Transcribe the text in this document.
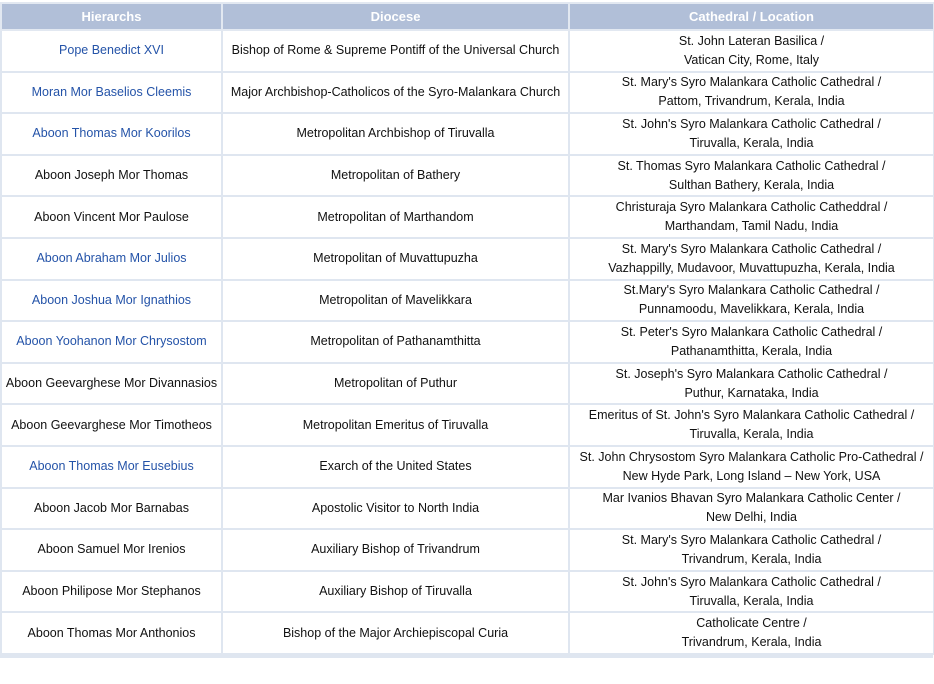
Hierarchs	Diocese	Cathedral / Location
Pope Benedict XVI	Bishop of Rome & Supreme Pontiff of the Universal Church	St. John Lateran Basilica /
Vatican City, Rome, Italy

Moran Mor Baselios Cleemis	Major Archbishop-Catholicos of the Syro-Malankara Church	St. Mary's Syro Malankara Catholic Cathedral /
Pattom, Trivandrum, Kerala, India

Aboon Thomas Mor Koorilos	Metropolitan Archbishop of Tiruvalla	St. John's Syro Malankara Catholic Cathedral /
Tiruvalla, Kerala, India

Aboon Joseph Mor Thomas	Metropolitan of Bathery	St. Thomas Syro Malankara Catholic Cathedral /
Sulthan Bathery, Kerala, India

Aboon Vincent Mor Paulose	Metropolitan of Marthandom	Christuraja Syro Malankara Catholic Catheddral /
Marthandam, Tamil Nadu, India

Aboon Abraham Mor Julios	Metropolitan of Muvattupuzha	St. Mary's Syro Malankara Catholic Cathedral /
Vazhappilly, Mudavoor, Muvattupuzha, Kerala, India

Aboon Joshua Mor Ignathios	Metropolitan of Mavelikkara	St.Mary's Syro Malankara Catholic Cathedral /
Punnamoodu, Mavelikkara, Kerala, India

Aboon Yoohanon Mor Chrysostom	Metropolitan of Pathanamthitta	St. Peter's Syro Malankara Catholic Cathedral /
Pathanamthitta, Kerala, India

Aboon Geevarghese Mor Divannasios	Metropolitan of Puthur	St. Joseph's Syro Malankara Catholic Cathedral /
Puthur, Karnataka, India

Aboon Geevarghese Mor Timotheos	Metropolitan Emeritus of Tiruvalla	Emeritus of St. John's Syro Malankara Catholic Cathedral /
Tiruvalla, Kerala, India

Aboon Thomas Mor Eusebius	Exarch of the United States	St. John Chrysostom Syro Malankara Catholic Pro-Cathedral /
New Hyde Park, Long Island – New York, USA

Aboon Jacob Mor Barnabas	Apostolic Visitor to North India	Mar Ivanios Bhavan Syro Malankara Catholic Center /
New Delhi, India

Aboon Samuel Mor Irenios	Auxiliary Bishop of Trivandrum	St. Mary's Syro Malankara Catholic Cathedral /
Trivandrum, Kerala, India

Aboon Philipose Mor Stephanos	Auxiliary Bishop of Tiruvalla	St. John's Syro Malankara Catholic Cathedral /
Tiruvalla, Kerala, India

Aboon Thomas Mor Anthonios	Bishop of the Major Archiepiscopal Curia	Catholicate Centre /
Trivandrum, Kerala, India
